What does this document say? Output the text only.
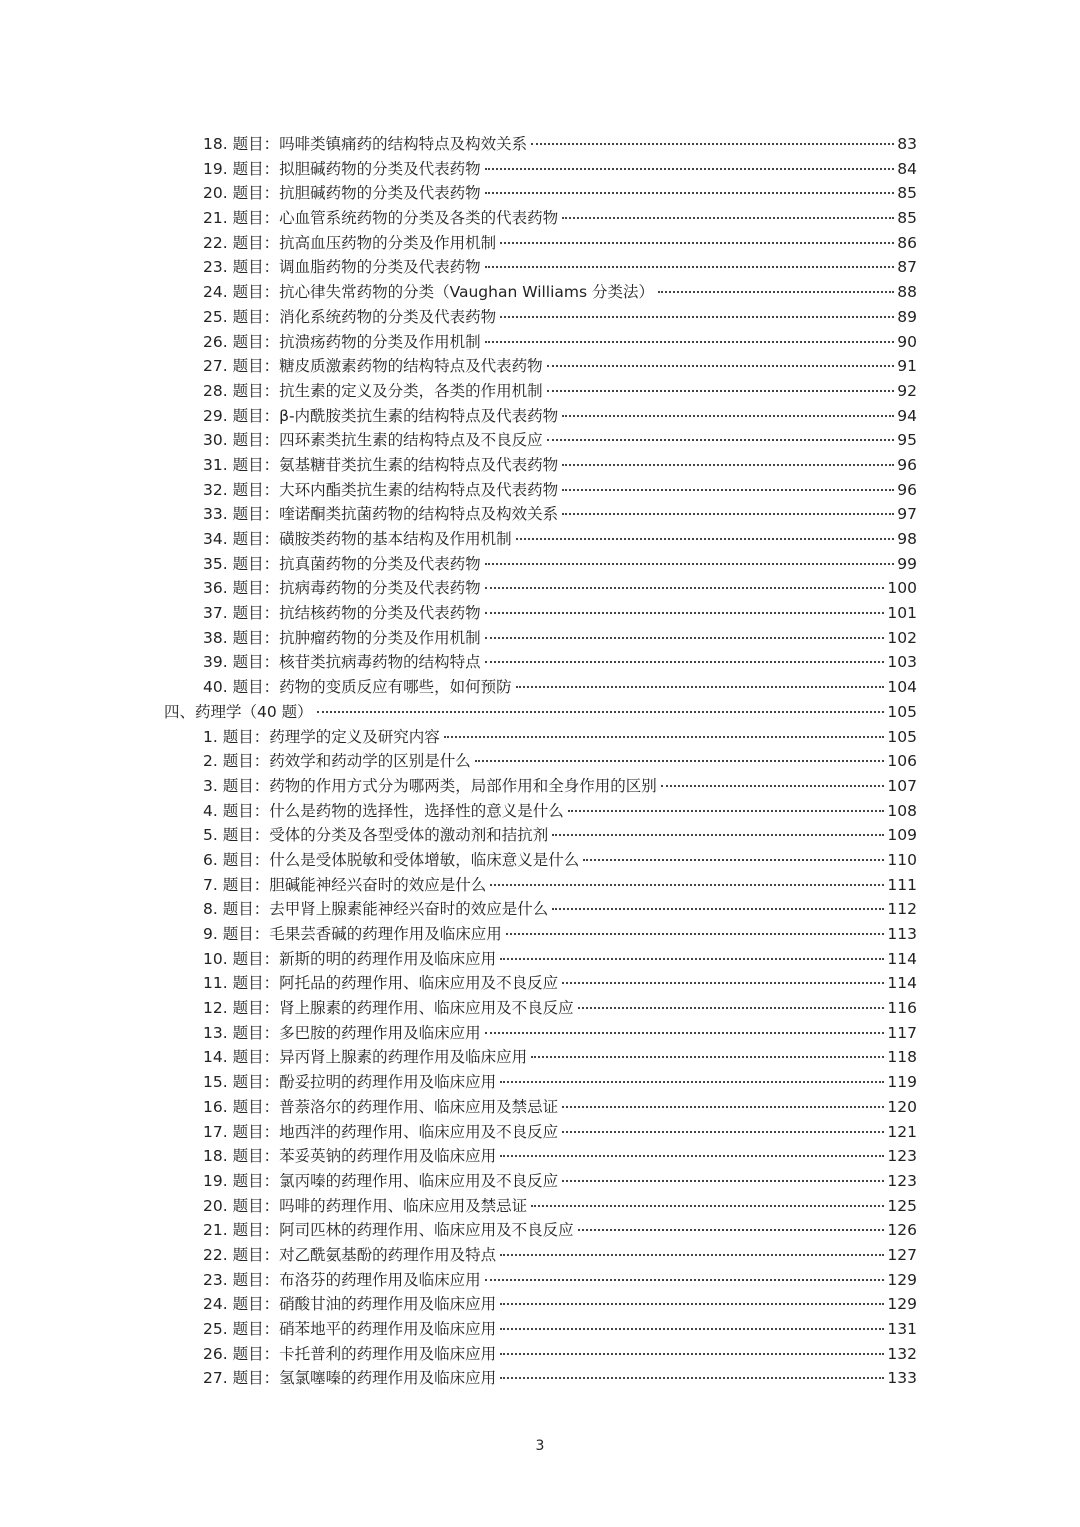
18. 题目：吗啡类镇痛药的结构特点及构效关系	83
19. 题目：拟胆碱药物的分类及代表药物	84
20. 题目：抗胆碱药物的分类及代表药物	85
21. 题目：心血管系统药物的分类及各类的代表药物	85
22. 题目：抗高血压药物的分类及作用机制	86
23. 题目：调血脂药物的分类及代表药物	87
24. 题目：抗心律失常药物的分类（Vaughan Williams 分类法）	88
25. 题目：消化系统药物的分类及代表药物	89
26. 题目：抗溃疡药物的分类及作用机制	90
27. 题目：糖皮质激素药物的结构特点及代表药物	91
28. 题目：抗生素的定义及分类，各类的作用机制	92
29. 题目：β-内酰胺类抗生素的结构特点及代表药物	94
30. 题目：四环素类抗生素的结构特点及不良反应	95
31. 题目：氨基糖苷类抗生素的结构特点及代表药物	96
32. 题目：大环内酯类抗生素的结构特点及代表药物	96
33. 题目：喹诺酮类抗菌药物的结构特点及构效关系	97
34. 题目：磺胺类药物的基本结构及作用机制	98
35. 题目：抗真菌药物的分类及代表药物	99
36. 题目：抗病毒药物的分类及代表药物	100
37. 题目：抗结核药物的分类及代表药物	101
38. 题目：抗肿瘤药物的分类及作用机制	102
39. 题目：核苷类抗病毒药物的结构特点	103
40. 题目：药物的变质反应有哪些，如何预防	104
四、药理学（40 题）	105
1. 题目：药理学的定义及研究内容	105
2. 题目：药效学和药动学的区别是什么	106
3. 题目：药物的作用方式分为哪两类，局部作用和全身作用的区别	107
4. 题目：什么是药物的选择性，选择性的意义是什么	108
5. 题目：受体的分类及各型受体的激动剂和拮抗剂	109
6. 题目：什么是受体脱敏和受体增敏，临床意义是什么	110
7. 题目：胆碱能神经兴奋时的效应是什么	111
8. 题目：去甲肾上腺素能神经兴奋时的效应是什么	112
9. 题目：毛果芸香碱的药理作用及临床应用	113
10. 题目：新斯的明的药理作用及临床应用	114
11. 题目：阿托品的药理作用、临床应用及不良反应	114
12. 题目：肾上腺素的药理作用、临床应用及不良反应	116
13. 题目：多巴胺的药理作用及临床应用	117
14. 题目：异丙肾上腺素的药理作用及临床应用	118
15. 题目：酚妥拉明的药理作用及临床应用	119
16. 题目：普萘洛尔的药理作用、临床应用及禁忌证	120
17. 题目：地西泮的药理作用、临床应用及不良反应	121
18. 题目：苯妥英钠的药理作用及临床应用	123
19. 题目：氯丙嗪的药理作用、临床应用及不良反应	123
20. 题目：吗啡的药理作用、临床应用及禁忌证	125
21. 题目：阿司匹林的药理作用、临床应用及不良反应	126
22. 题目：对乙酰氨基酚的药理作用及特点	127
23. 题目：布洛芬的药理作用及临床应用	129
24. 题目：硝酸甘油的药理作用及临床应用	129
25. 题目：硝苯地平的药理作用及临床应用	131
26. 题目：卡托普利的药理作用及临床应用	132
27. 题目：氢氯噻嗪的药理作用及临床应用	133
3
